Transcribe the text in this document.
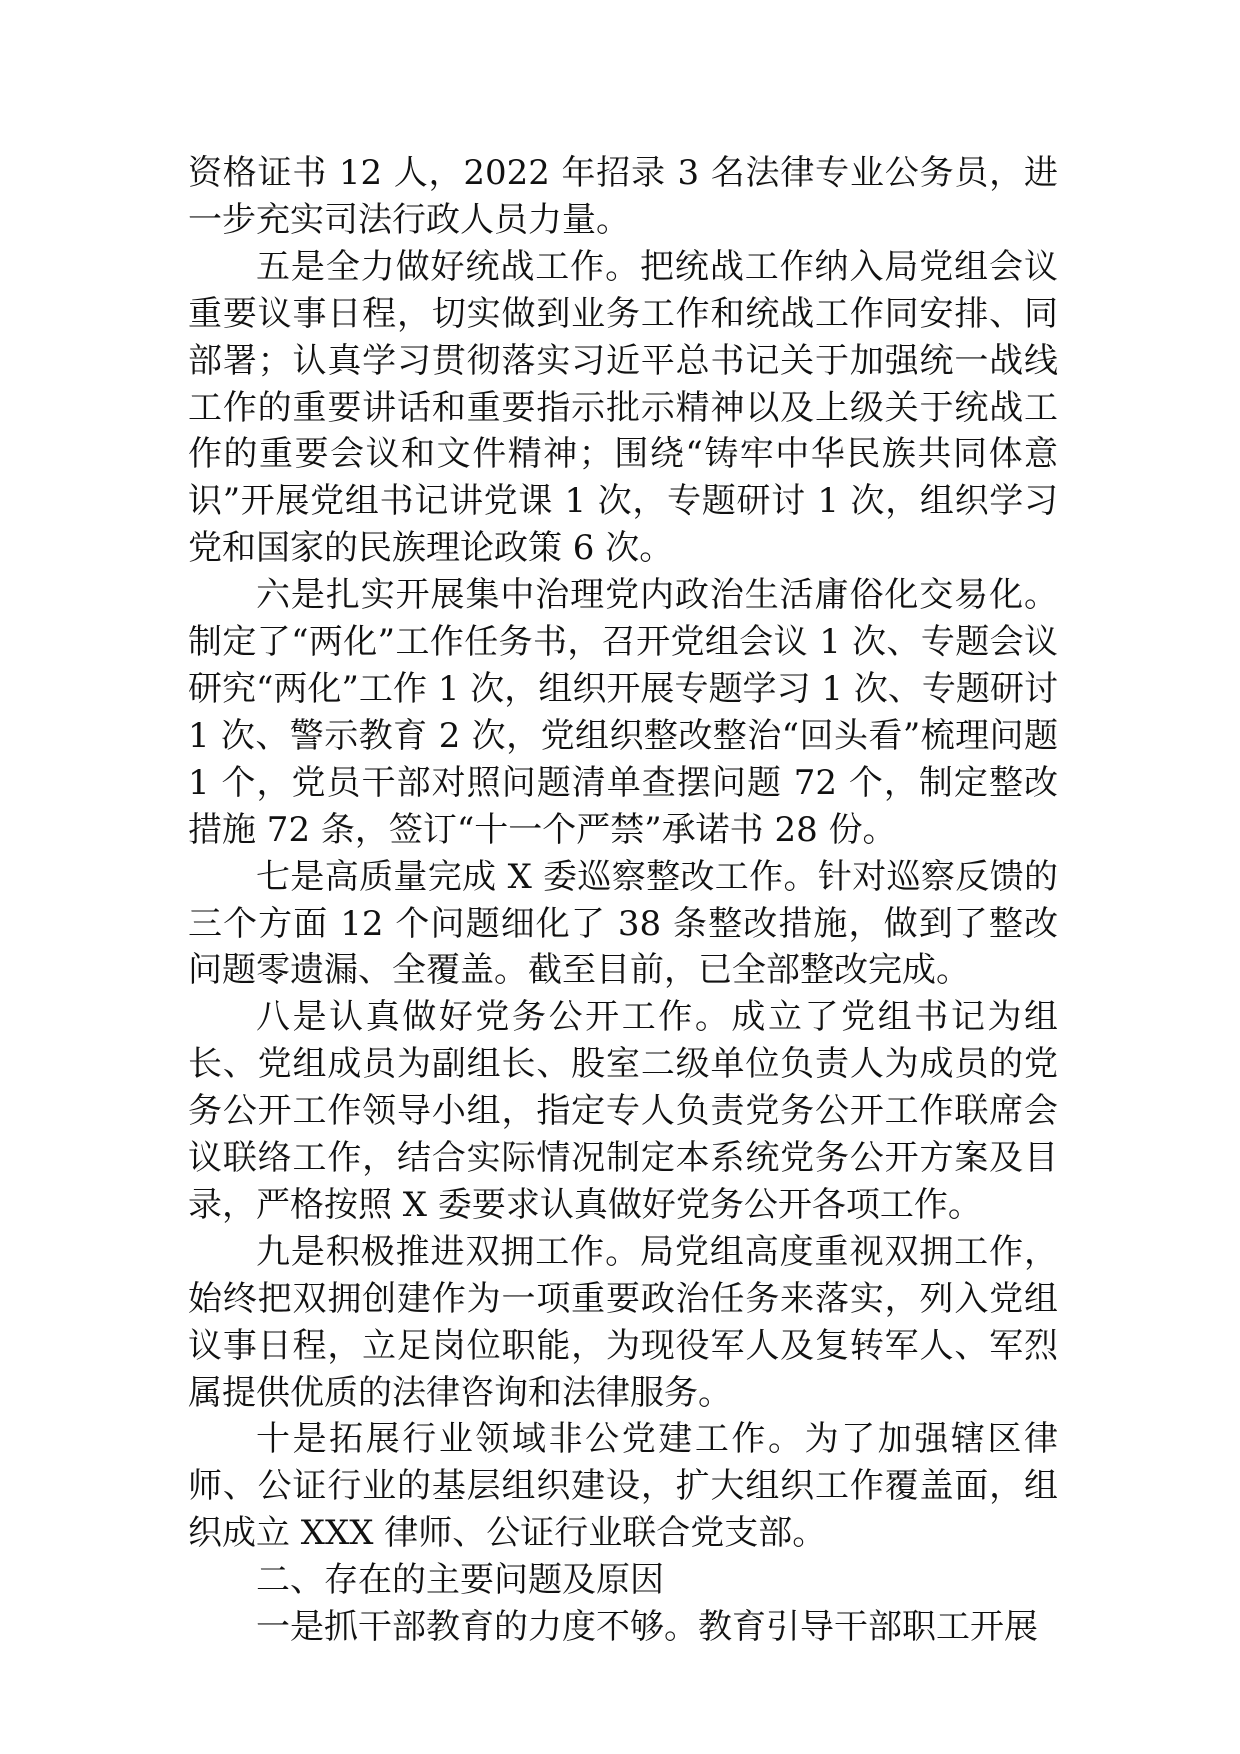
资格证书 12 人，2022 年招录 3 名法律专业公务员，进一步充实司法行政人员力量。

五是全力做好统战工作。把统战工作纳入局党组会议重要议事日程，切实做到业务工作和统战工作同安排、同部署；认真学习贯彻落实习近平总书记关于加强统一战线工作的重要讲话和重要指示批示精神以及上级关于统战工作的重要会议和文件精神；围绕“铸牢中华民族共同体意识”开展党组书记讲党课 1 次，专题研讨 1 次，组织学习党和国家的民族理论政策 6 次。

六是扎实开展集中治理党内政治生活庸俗化交易化。制定了“两化”工作任务书，召开党组会议 1 次、专题会议研究“两化”工作 1 次，组织开展专题学习 1 次、专题研讨 1 次、警示教育 2 次，党组织整改整治“回头看”梳理问题 1 个，党员干部对照问题清单查摆问题 72 个，制定整改措施 72 条，签订“十一个严禁”承诺书 28 份。

七是高质量完成 X 委巡察整改工作。针对巡察反馈的三个方面 12 个问题细化了 38 条整改措施，做到了整改问题零遗漏、全覆盖。截至目前，已全部整改完成。

八是认真做好党务公开工作。成立了党组书记为组长、党组成员为副组长、股室二级单位负责人为成员的党务公开工作领导小组，指定专人负责党务公开工作联席会议联络工作，结合实际情况制定本系统党务公开方案及目录，严格按照 X 委要求认真做好党务公开各项工作。

九是积极推进双拥工作。局党组高度重视双拥工作，始终把双拥创建作为一项重要政治任务来落实，列入党组议事日程，立足岗位职能，为现役军人及复转军人、军烈属提供优质的法律咨询和法律服务。

十是拓展行业领域非公党建工作。为了加强辖区律师、公证行业的基层组织建设，扩大组织工作覆盖面，组织成立 XXX 律师、公证行业联合党支部。

二、存在的主要问题及原因

一是抓干部教育的力度不够。教育引导干部职工开展
